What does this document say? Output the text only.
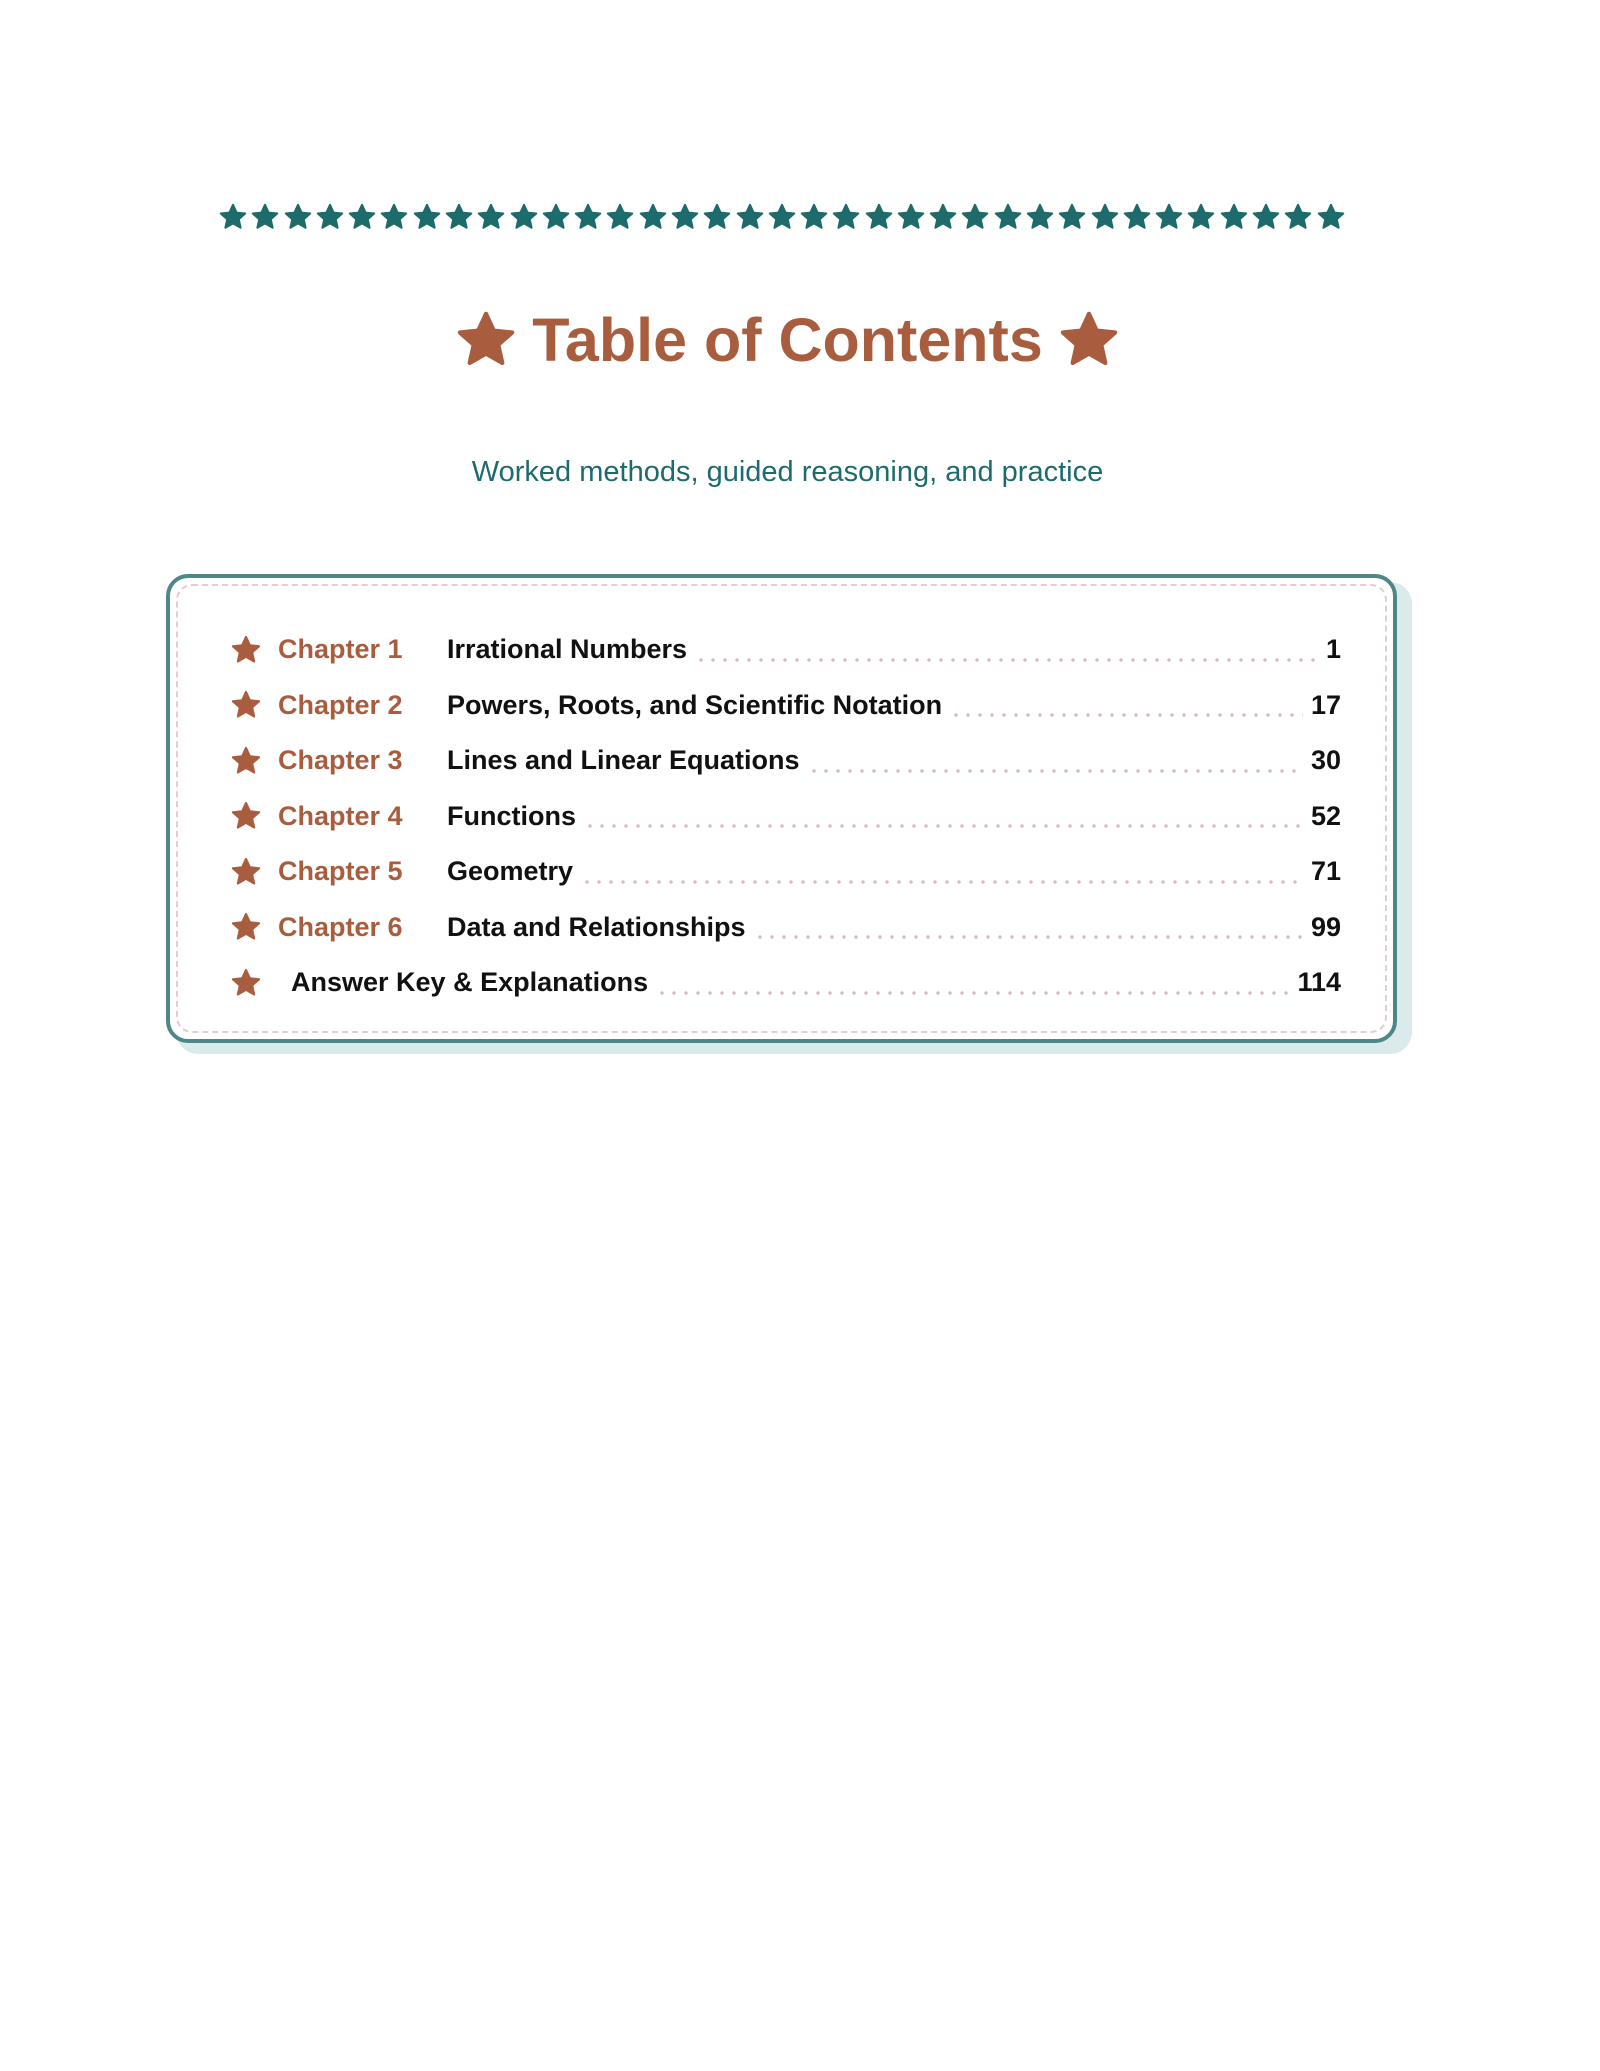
Table of Contents
Worked methods, guided reasoning, and practice
Chapter 1	Irrational Numbers	1
Chapter 2	Powers, Roots, and Scientific Notation	17
Chapter 3	Lines and Linear Equations	30
Chapter 4	Functions	52
Chapter 5	Geometry	71
Chapter 6	Data and Relationships	99
Answer Key & Explanations	114
